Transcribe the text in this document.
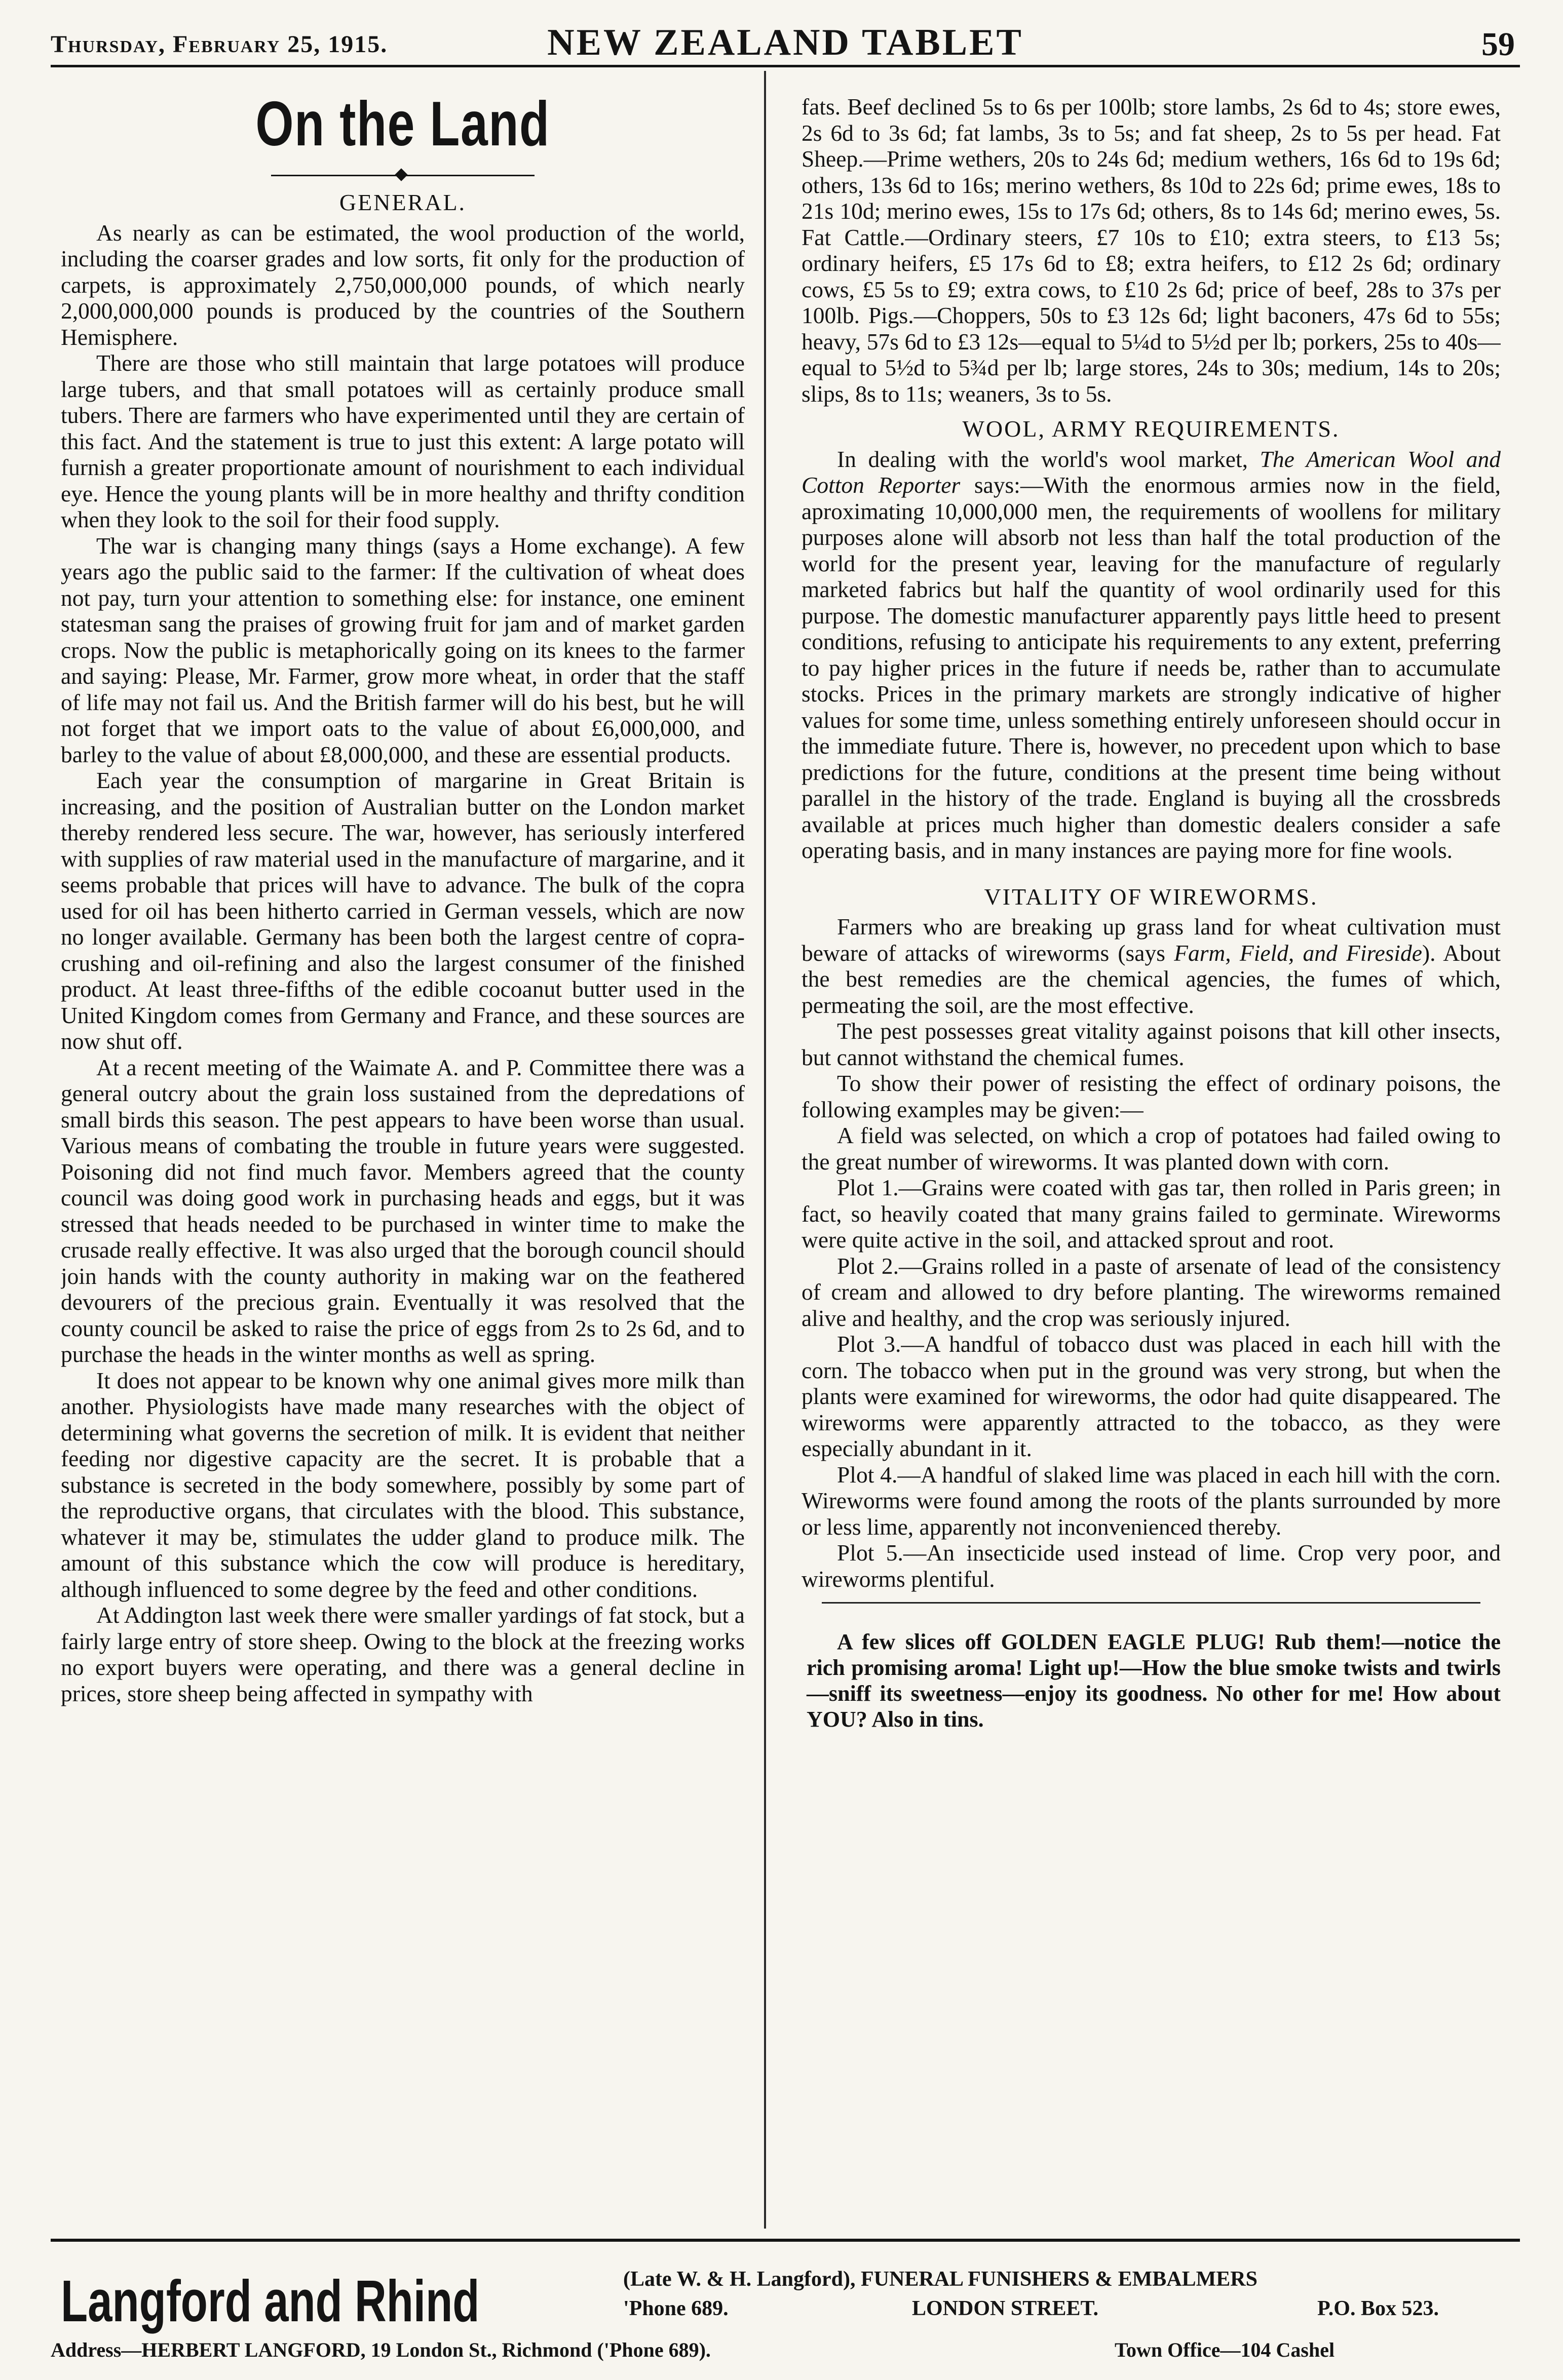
Thursday, February 25, 1915.	NEW ZEALAND TABLET	59
On the Land
GENERAL.

As nearly as can be estimated, the wool production of the world, including the coarser grades and low sorts, fit only for the production of carpets, is approximately 2,750,000,000 pounds, of which nearly 2,000,000,000 pounds is produced by the countries of the Southern Hemisphere.

There are those who still maintain that large potatoes will produce large tubers, and that small potatoes will as certainly produce small tubers. There are farmers who have experimented until they are certain of this fact. And the statement is true to just this extent: A large potato will furnish a greater proportionate amount of nourishment to each individual eye. Hence the young plants will be in more healthy and thrifty condition when they look to the soil for their food supply.

The war is changing many things (says a Home exchange). A few years ago the public said to the farmer: If the cultivation of wheat does not pay, turn your attention to something else: for instance, one eminent statesman sang the praises of growing fruit for jam and of market garden crops. Now the public is metaphorically going on its knees to the farmer and saying: Please, Mr. Farmer, grow more wheat, in order that the staff of life may not fail us. And the British farmer will do his best, but he will not forget that we import oats to the value of about £6,000,000, and barley to the value of about £8,000,000, and these are essential products.

Each year the consumption of margarine in Great Britain is increasing, and the position of Australian butter on the London market thereby rendered less secure. The war, however, has seriously interfered with supplies of raw material used in the manufacture of margarine, and it seems probable that prices will have to advance. The bulk of the copra used for oil has been hitherto carried in German vessels, which are now no longer available. Germany has been both the largest centre of copra-crushing and oil-refining and also the largest consumer of the finished product. At least three-fifths of the edible cocoanut butter used in the United Kingdom comes from Germany and France, and these sources are now shut off.

At a recent meeting of the Waimate A. and P. Committee there was a general outcry about the grain loss sustained from the depredations of small birds this season. The pest appears to have been worse than usual. Various means of combating the trouble in future years were suggested. Poisoning did not find much favor. Members agreed that the county council was doing good work in purchasing heads and eggs, but it was stressed that heads needed to be purchased in winter time to make the crusade really effective. It was also urged that the borough council should join hands with the county authority in making war on the feathered devourers of the precious grain. Eventually it was resolved that the county council be asked to raise the price of eggs from 2s to 2s 6d, and to purchase the heads in the winter months as well as spring.

It does not appear to be known why one animal gives more milk than another. Physiologists have made many researches with the object of determining what governs the secretion of milk. It is evident that neither feeding nor digestive capacity are the secret. It is probable that a substance is secreted in the body somewhere, possibly by some part of the reproductive organs, that circulates with the blood. This substance, whatever it may be, stimulates the udder gland to produce milk. The amount of this substance which the cow will produce is hereditary, although influenced to some degree by the feed and other conditions.

At Addington last week there were smaller yardings of fat stock, but a fairly large entry of store sheep. Owing to the block at the freezing works no export buyers were operating, and there was a general decline in prices, store sheep being affected in sympathy with

fats. Beef declined 5s to 6s per 100lb; store lambs, 2s 6d to 4s; store ewes, 2s 6d to 3s 6d; fat lambs, 3s to 5s; and fat sheep, 2s to 5s per head. Fat Sheep.—Prime wethers, 20s to 24s 6d; medium wethers, 16s 6d to 19s 6d; others, 13s 6d to 16s; merino wethers, 8s 10d to 22s 6d; prime ewes, 18s to 21s 10d; merino ewes, 15s to 17s 6d; others, 8s to 14s 6d; merino ewes, 5s. Fat Cattle.—Ordinary steers, £7 10s to £10; extra steers, to £13 5s; ordinary heifers, £5 17s 6d to £8; extra heifers, to £12 2s 6d; ordinary cows, £5 5s to £9; extra cows, to £10 2s 6d; price of beef, 28s to 37s per 100lb. Pigs.—Choppers, 50s to £3 12s 6d; light baconers, 47s 6d to 55s; heavy, 57s 6d to £3 12s—equal to 5¼d to 5½d per lb; porkers, 25s to 40s—equal to 5½d to 5¾d per lb; large stores, 24s to 30s; medium, 14s to 20s; slips, 8s to 11s; weaners, 3s to 5s.

WOOL, ARMY REQUIREMENTS.

In dealing with the world's wool market, The American Wool and Cotton Reporter says:—With the enormous armies now in the field, aproximating 10,000,000 men, the requirements of woollens for military purposes alone will absorb not less than half the total production of the world for the present year, leaving for the manufacture of regularly marketed fabrics but half the quantity of wool ordinarily used for this purpose. The domestic manufacturer apparently pays little heed to present conditions, refusing to anticipate his requirements to any extent, preferring to pay higher prices in the future if needs be, rather than to accumulate stocks. Prices in the primary markets are strongly indicative of higher values for some time, unless something entirely unforeseen should occur in the immediate future. There is, however, no precedent upon which to base predictions for the future, conditions at the present time being without parallel in the history of the trade. England is buying all the crossbreds available at prices much higher than domestic dealers consider a safe operating basis, and in many instances are paying more for fine wools.

VITALITY OF WIREWORMS.

Farmers who are breaking up grass land for wheat cultivation must beware of attacks of wireworms (says Farm, Field, and Fireside). About the best remedies are the chemical agencies, the fumes of which, permeating the soil, are the most effective.

The pest possesses great vitality against poisons that kill other insects, but cannot withstand the chemical fumes.

To show their power of resisting the effect of ordinary poisons, the following examples may be given:—

A field was selected, on which a crop of potatoes had failed owing to the great number of wireworms. It was planted down with corn.

Plot 1.—Grains were coated with gas tar, then rolled in Paris green; in fact, so heavily coated that many grains failed to germinate. Wireworms were quite active in the soil, and attacked sprout and root.

Plot 2.—Grains rolled in a paste of arsenate of lead of the consistency of cream and allowed to dry before planting. The wireworms remained alive and healthy, and the crop was seriously injured.

Plot 3.—A handful of tobacco dust was placed in each hill with the corn. The tobacco when put in the ground was very strong, but when the plants were examined for wireworms, the odor had quite disappeared. The wireworms were apparently attracted to the tobacco, as they were especially abundant in it.

Plot 4.—A handful of slaked lime was placed in each hill with the corn. Wireworms were found among the roots of the plants surrounded by more or less lime, apparently not inconvenienced thereby.

Plot 5.—An insecticide used instead of lime. Crop very poor, and wireworms plentiful.

A few slices off GOLDEN EAGLE PLUG! Rub them!—notice the rich promising aroma! Light up!—How the blue smoke twists and twirls—sniff its sweetness—enjoy its goodness. No other for me! How about YOU? Also in tins.

Langford and Rhind	(Late W. & H. Langford), FUNERAL FUNISHERS & EMBALMERS
'Phone 689.	LONDON STREET.	P.O. Box 523.
Address—HERBERT LANGFORD, 19 London St., Richmond ('Phone 689).	Town Office—104 Cashel
